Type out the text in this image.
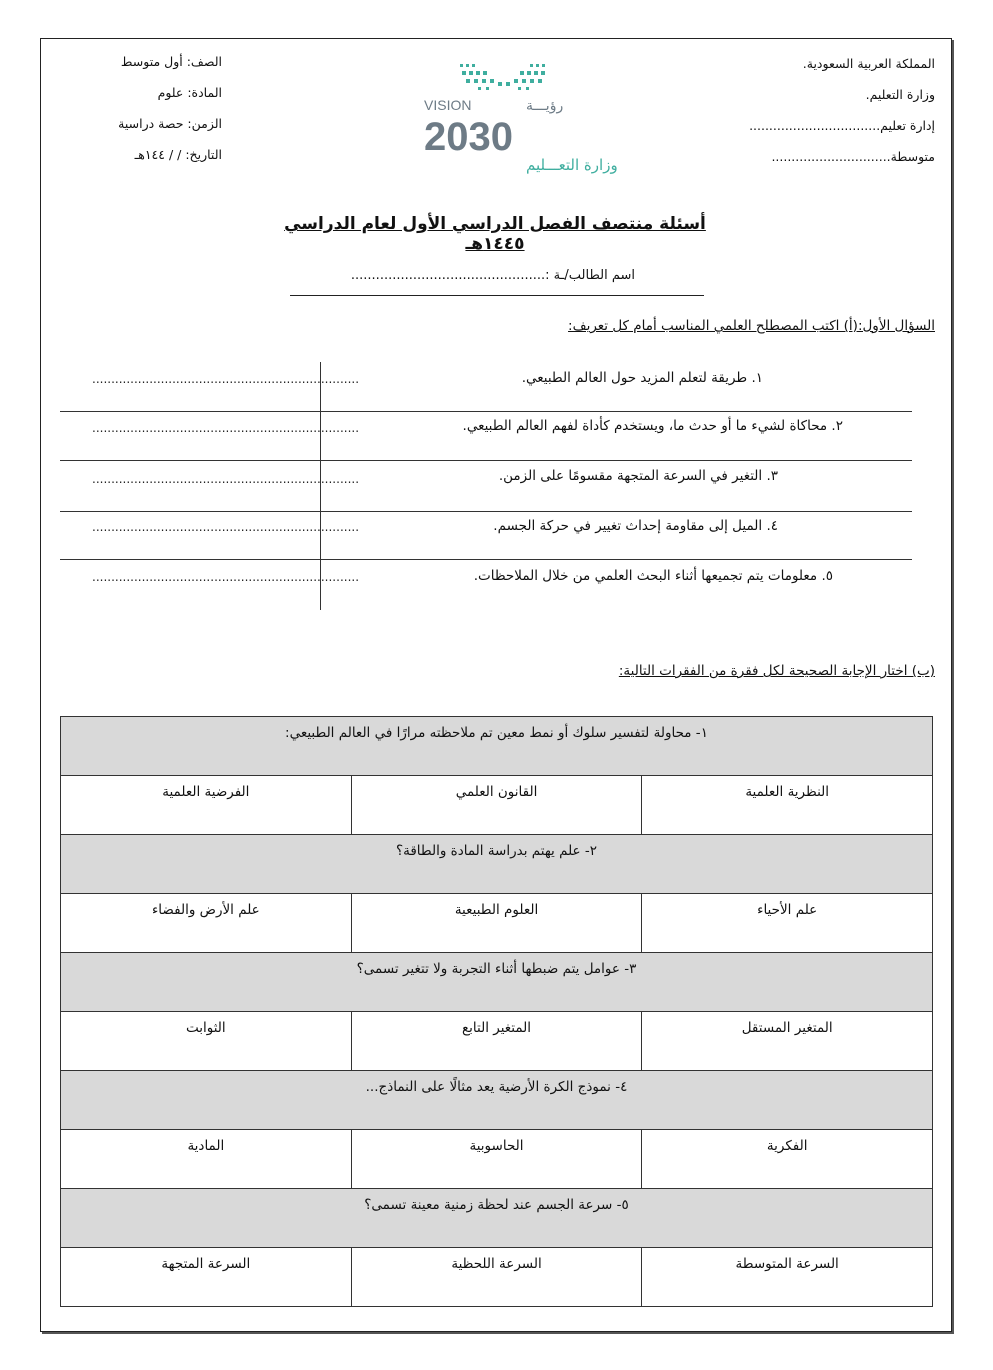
المملكة العربية السعودية.
وزارة التعليم.
إدارة تعليم.................................
متوسطة..............................
الصف: أول متوسط
المادة: علوم
الزمن: حصة دراسية
التاريخ: / / ١٤٤هـ
VISION	رؤيـــة
2030
وزارة التعـــليم
أسئلة منتصف الفصل الدراسي الأول لعام الدراسي ١٤٤٥هـ
اسم الطالب/ـة :...............................................
السؤال الأول:(أ) اكتب المصطلح العلمي المناسب أمام كل تعريف:
١. طريقة لتعلم المزيد حول العالم الطبيعي.
......................................................................
٢. محاكاة لشيء ما أو حدث ما، ويستخدم كأداة لفهم العالم الطبيعي.
......................................................................
٣. التغير في السرعة المتجهة مقسومًا على الزمن.
......................................................................
٤. الميل إلى مقاومة إحداث تغيير في حركة الجسم.
......................................................................
٥. معلومات يتم تجميعها أثناء البحث العلمي من خلال الملاحظات.
......................................................................
(ب) اختار الإجابة الصحيحة لكل فقرة من الفقرات التالية:
١- محاولة لتفسير سلوك أو نمط معين تم ملاحظته مرارًا في العالم الطبيعي:		
النظرية العلمية	القانون العلمي	الفرضية العلمية
٢- علم يهتم بدراسة المادة والطاقة؟		
علم الأحياء	العلوم الطبيعية	علم الأرض والفضاء
٣- عوامل يتم ضبطها أثناء التجربة ولا تتغير تسمى؟		
المتغير المستقل	المتغير التابع	الثوابت
٤- نموذج الكرة الأرضية يعد مثالًا على النماذج...		
الفكرية	الحاسوبية	المادية
٥- سرعة الجسم عند لحظة زمنية معينة تسمى؟		
السرعة المتوسطة	السرعة اللحظية	السرعة المتجهة
